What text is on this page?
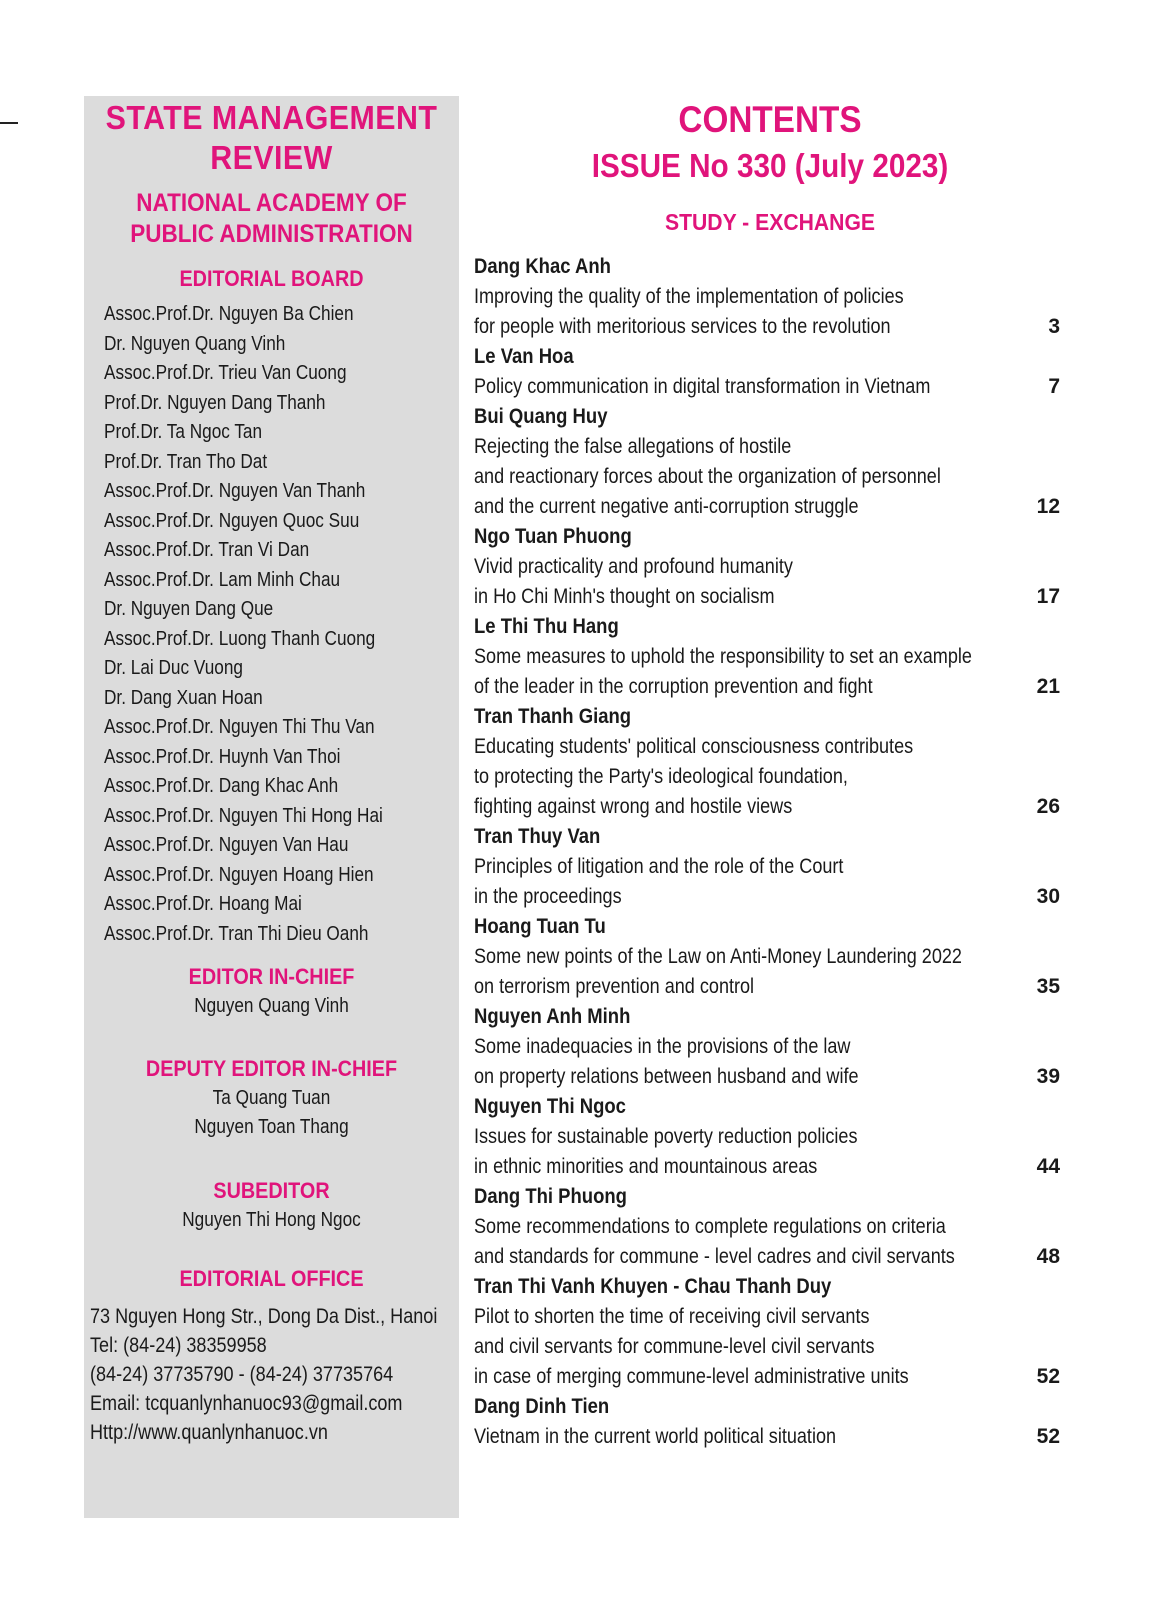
STATE MANAGEMENT
REVIEW
NATIONAL ACADEMY OF
PUBLIC ADMINISTRATION
EDITORIAL BOARD
Assoc.Prof.Dr. Nguyen Ba Chien
Dr. Nguyen Quang Vinh
Assoc.Prof.Dr. Trieu Van Cuong
Prof.Dr. Nguyen Dang Thanh
Prof.Dr. Ta Ngoc Tan
Prof.Dr. Tran Tho Dat
Assoc.Prof.Dr. Nguyen Van Thanh
Assoc.Prof.Dr. Nguyen Quoc Suu
Assoc.Prof.Dr. Tran Vi Dan
Assoc.Prof.Dr. Lam Minh Chau
Dr. Nguyen Dang Que
Assoc.Prof.Dr. Luong Thanh Cuong
Dr. Lai Duc Vuong
Dr. Dang Xuan Hoan
Assoc.Prof.Dr. Nguyen Thi Thu Van
Assoc.Prof.Dr. Huynh Van Thoi
Assoc.Prof.Dr. Dang Khac Anh
Assoc.Prof.Dr. Nguyen Thi Hong Hai
Assoc.Prof.Dr. Nguyen Van Hau
Assoc.Prof.Dr. Nguyen Hoang Hien
Assoc.Prof.Dr. Hoang Mai
Assoc.Prof.Dr. Tran Thi Dieu Oanh
EDITOR IN-CHIEF
Nguyen Quang Vinh
DEPUTY EDITOR IN-CHIEF
Ta Quang Tuan
Nguyen Toan Thang
SUBEDITOR
Nguyen Thi Hong Ngoc
EDITORIAL OFFICE
73 Nguyen Hong Str., Dong Da Dist., Hanoi
Tel: (84-24) 38359958
(84-24) 37735790 - (84-24) 37735764
Email: tcquanlynhanuoc93@gmail.com
Http://www.quanlynhanuoc.vn
CONTENTS
ISSUE No 330 (July 2023)
STUDY - EXCHANGE
Dang Khac Anh
Improving the quality of the implementation of policies
for people with meritorious services to the revolution	3
Le Van Hoa
Policy communication in digital transformation in Vietnam	7
Bui Quang Huy
Rejecting the false allegations of hostile
and reactionary forces about the organization of personnel
and the current negative anti-corruption struggle	12
Ngo Tuan Phuong
Vivid practicality and profound humanity
in Ho Chi Minh's thought on socialism	17
Le Thi Thu Hang
Some measures to uphold the responsibility to set an example
of the leader in the corruption prevention and fight	21
Tran Thanh Giang
Educating students' political consciousness contributes
to protecting the Party's ideological foundation,
fighting against wrong and hostile views	26
Tran Thuy Van
Principles of litigation and the role of the Court
in the proceedings	30
Hoang Tuan Tu
Some new points of the Law on Anti-Money Laundering 2022
on terrorism prevention and control	35
Nguyen Anh Minh
Some inadequacies in the provisions of the law
on property relations between husband and wife	39
Nguyen Thi Ngoc
Issues for sustainable poverty reduction policies
in ethnic minorities and mountainous areas	44
Dang Thi Phuong
Some recommendations to complete regulations on criteria
and standards for commune - level cadres and civil servants	48
Tran Thi Vanh Khuyen - Chau Thanh Duy
Pilot to shorten the time of receiving civil servants
and civil servants for commune-level civil servants
in case of merging commune-level administrative units	52
Dang Dinh Tien
Vietnam in the current world political situation	52
